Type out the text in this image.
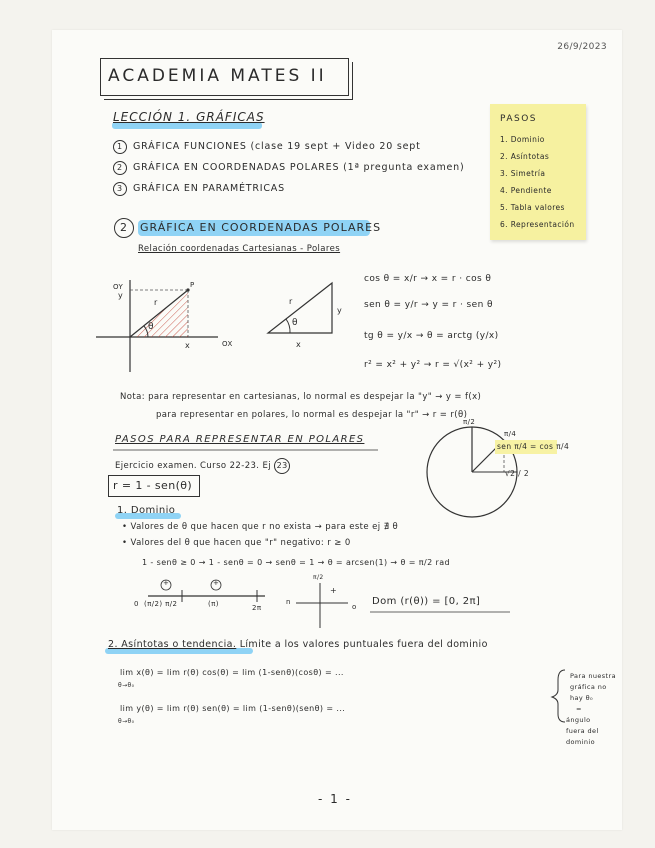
26/9/2023
ACADEMIA MATES II
LECCIÓN 1. GRÁFICAS
1 GRÁFICA FUNCIONES (clase 19 sept + Video 20 sept
2 GRÁFICA EN COORDENADAS POLARES (1ª pregunta examen)
3 GRÁFICA EN PARAMÉTRICAS
PASOS
1. Dominio
2. Asíntotas
3. Simetría
4. Pendiente
5. Tabla valores
6. Representación
2 GRÁFICA EN COORDENADAS POLARES
Relación coordenadas Cartesianas - Polares
OY
y
P
r
θ
x	OX
r
y
x
θ
cos θ = x/r → x = r · cos θ
sen θ = y/r → y = r · sen θ
tg θ = y/x → θ = arctg (y/x)
r² = x² + y² → r = √(x² + y²)
Nota: para representar en cartesianas, lo normal es despejar la "y" → y = f(x)
para representar en polares, lo normal es despejar la "r" → r = r(θ)
PASOS PARA REPRESENTAR EN POLARES
Ejercicio examen. Curso 22-23. Ej 23
r = 1 - sen(θ)
π/2
π/4
sen π/4 = cos π/4
√2 / 2
1. Dominio
• Valores de θ que hacen que r no exista → para este ej ∄ θ
• Valores del θ que hacen que "r" negativo: r ≥ 0
1 - senθ ≥ 0 → 1 - senθ = 0 → senθ = 1 → θ = arcsen(1) → θ = π/2 rad
0 (π/2) π/2	(π)	2π
+	+
n
π/2
+
o Dom (r(θ)) = [0, 2π]
2. Asíntotas o tendencia. Límite a los valores puntuales fuera del dominio
lim x(θ) = lim r(θ) cos(θ) = lim (1-senθ)(cosθ) = ...
θ→θ₀
lim y(θ) = lim r(θ) sen(θ) = lim (1-senθ)(senθ) = ...
θ→θ₀
Para nuestra
gráfica no
hay θ₀
=
ángulo
fuera del
dominio
- 1 -
